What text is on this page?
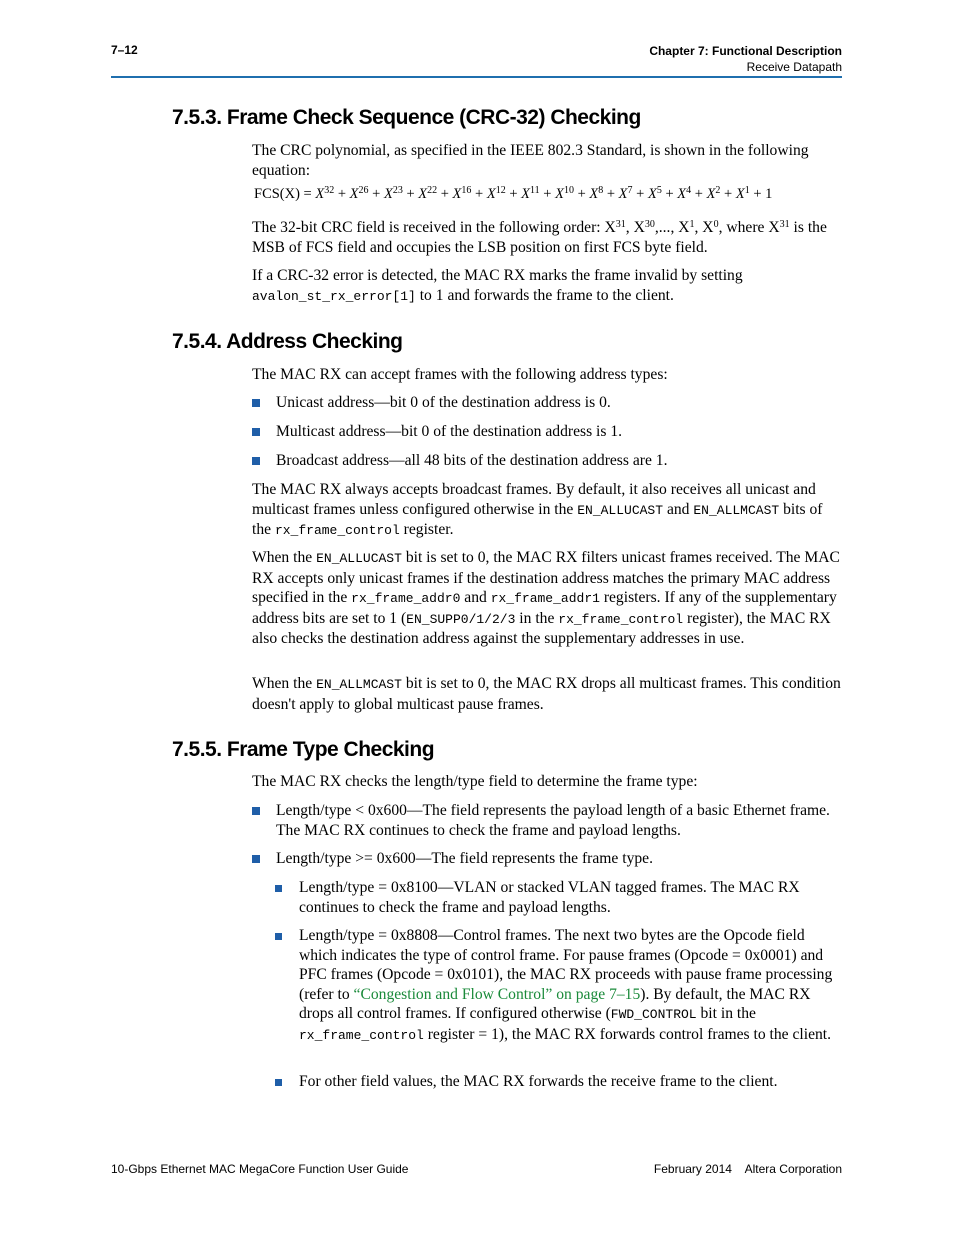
7–12	Chapter 7: Functional Description
Receive Datapath
7.5.3. Frame Check Sequence (CRC-32) Checking

The CRC polynomial, as specified in the IEEE 802.3 Standard, is shown in the following equation:

$FCS(X) = X^{32} + X^{26} + X^{23} + X^{22} + X^{16} + X^{12} + X^{11} + X^{10} + X^8 + X^7 + X^5 + X^4 + X^2 + X^1 + 1$

The 32-bit CRC field is received in the following order: $X^{31}$, $X^{30}$,..., $X^1$, $X^0$, where $X^{31}$ is the MSB of FCS field and occupies the LSB position on first FCS byte field.

If a CRC-32 error is detected, the MAC RX marks the frame invalid by setting
avalon_st_rx_error[1] to 1 and forwards the frame to the client.

7.5.4. Address Checking

The MAC RX can accept frames with the following address types:

Unicast address—bit 0 of the destination address is 0.
Multicast address—bit 0 of the destination address is 1.
Broadcast address—all 48 bits of the destination address are 1.

The MAC RX always accepts broadcast frames. By default, it also receives all unicast and multicast frames unless configured otherwise in the EN_ALLUCAST and EN_ALLMCAST bits of the rx_frame_control register.

When the EN_ALLUCAST bit is set to 0, the MAC RX filters unicast frames received. The MAC RX accepts only unicast frames if the destination address matches the primary MAC address specified in the rx_frame_addr0 and rx_frame_addr1 registers. If any of the supplementary address bits are set to 1 (EN_SUPP0/1/2/3 in the rx_frame_control register), the MAC RX also checks the destination address against the supplementary addresses in use.

When the EN_ALLMCAST bit is set to 0, the MAC RX drops all multicast frames. This condition doesn't apply to global multicast pause frames.

7.5.5. Frame Type Checking

The MAC RX checks the length/type field to determine the frame type:

Length/type < 0x600—The field represents the payload length of a basic Ethernet frame. The MAC RX continues to check the frame and payload lengths.
Length/type >= 0x600—The field represents the frame type.
Length/type = 0x8100—VLAN or stacked VLAN tagged frames. The MAC RX continues to check the frame and payload lengths.
Length/type = 0x8808—Control frames. The next two bytes are the Opcode field which indicates the type of control frame. For pause frames (Opcode = 0x0001) and PFC frames (Opcode = 0x0101), the MAC RX proceeds with pause frame processing (refer to “Congestion and Flow Control” on page 7–15). By default, the MAC RX drops all control frames. If configured otherwise (FWD_CONTROL bit in the rx_frame_control register = 1), the MAC RX forwards control frames to the client.
For other field values, the MAC RX forwards the receive frame to the client.
10-Gbps Ethernet MAC MegaCore Function User Guide	February 2014    Altera Corporation
